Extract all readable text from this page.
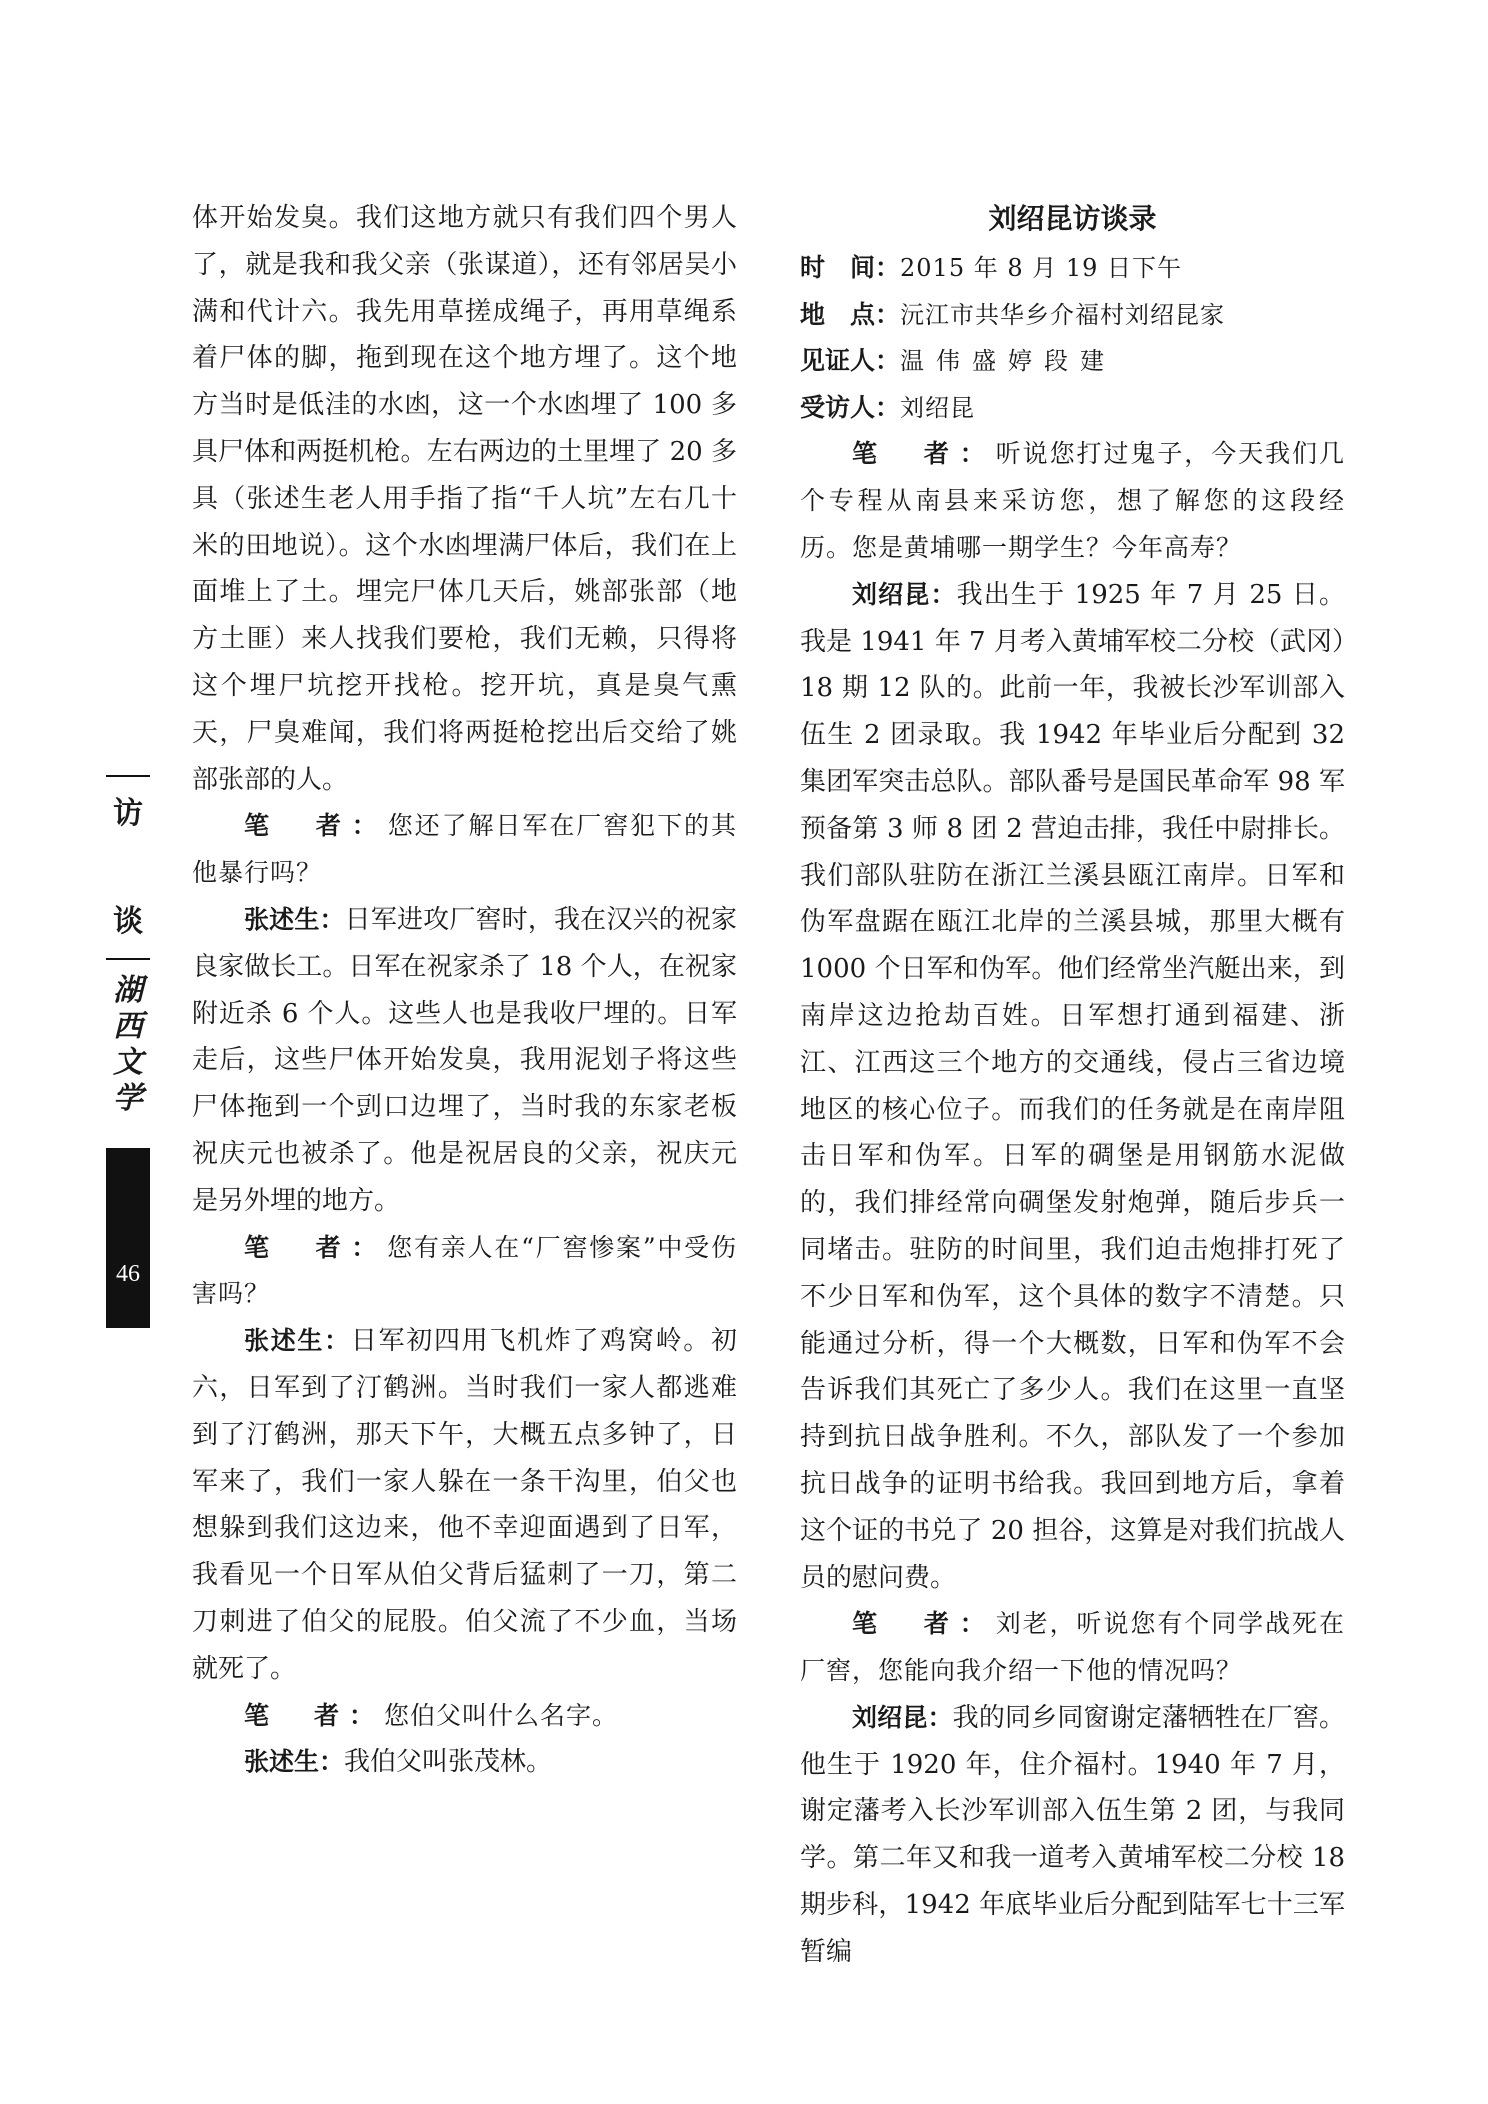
体开始发臭。我们这地方就只有我们四个男人了，就是我和我父亲（张谋道），还有邻居吴小满和代计六。我先用草搓成绳子，再用草绳系着尸体的脚，拖到现在这个地方埋了。这个地方当时是低洼的水凼，这一个水凼埋了 100 多具尸体和两挺机枪。左右两边的土里埋了 20 多具（张述生老人用手指了指“千人坑”左右几十米的田地说）。这个水凼埋满尸体后，我们在上面堆上了土。埋完尸体几天后，姚部张部（地方土匪）来人找我们要枪，我们无赖，只得将这个埋尸坑挖开找枪。挖开坑，真是臭气熏天，尸臭难闻，我们将两挺枪挖出后交给了姚部张部的人。

笔　者：您还了解日军在厂窖犯下的其他暴行吗？

张述生：日军进攻厂窖时，我在汉兴的祝家良家做长工。日军在祝家杀了 18 个人，在祝家附近杀 6 个人。这些人也是我收尸埋的。日军走后，这些尸体开始发臭，我用泥划子将这些尸体拖到一个剅口边埋了，当时我的东家老板祝庆元也被杀了。他是祝居良的父亲，祝庆元是另外埋的地方。

笔　者：您有亲人在“厂窖惨案”中受伤害吗？

张述生：日军初四用飞机炸了鸡窝岭。初六，日军到了汀鹤洲。当时我们一家人都逃难到了汀鹤洲，那天下午，大概五点多钟了，日军来了，我们一家人躲在一条干沟里，伯父也想躲到我们这边来，他不幸迎面遇到了日军，我看见一个日军从伯父背后猛刺了一刀，第二刀刺进了伯父的屁股。伯父流了不少血，当场就死了。

笔　者：您伯父叫什么名字。

张述生：我伯父叫张茂林。

刘绍昆访谈录
时　间：2015 年 8 月 19 日下午
地　点：沅江市共华乡介福村刘绍昆家
见证人：温伟盛婷段建
受访人：刘绍昆

笔　者：听说您打过鬼子，今天我们几个专程从南县来采访您，想了解您的这段经历。您是黄埔哪一期学生？今年高寿？

刘绍昆：我出生于 1925 年 7 月 25 日。我是 1941 年 7 月考入黄埔军校二分校（武冈）18 期 12 队的。此前一年，我被长沙军训部入伍生 2 团录取。我 1942 年毕业后分配到 32 集团军突击总队。部队番号是国民革命军 98 军预备第 3 师 8 团 2 营迫击排，我任中尉排长。我们部队驻防在浙江兰溪县瓯江南岸。日军和伪军盘踞在瓯江北岸的兰溪县城，那里大概有 1000 个日军和伪军。他们经常坐汽艇出来，到南岸这边抢劫百姓。日军想打通到福建、浙江、江西这三个地方的交通线，侵占三省边境地区的核心位子。而我们的任务就是在南岸阻击日军和伪军。日军的碉堡是用钢筋水泥做的，我们排经常向碉堡发射炮弹，随后步兵一同堵击。驻防的时间里，我们迫击炮排打死了不少日军和伪军，这个具体的数字不清楚。只能通过分析，得一个大概数，日军和伪军不会告诉我们其死亡了多少人。我们在这里一直坚持到抗日战争胜利。不久，部队发了一个参加抗日战争的证明书给我。我回到地方后，拿着这个证的书兑了 20 担谷，这算是对我们抗战人员的慰问费。

笔　者：刘老，听说您有个同学战死在厂窖，您能向我介绍一下他的情况吗？

刘绍昆：我的同乡同窗谢定藩牺牲在厂窖。他生于 1920 年，住介福村。1940 年 7 月，谢定藩考入长沙军训部入伍生第 2 团，与我同学。第二年又和我一道考入黄埔军校二分校 18 期步科，1942 年底毕业后分配到陆军七十三军暂编

访
谈
湖
西
文
学
46
